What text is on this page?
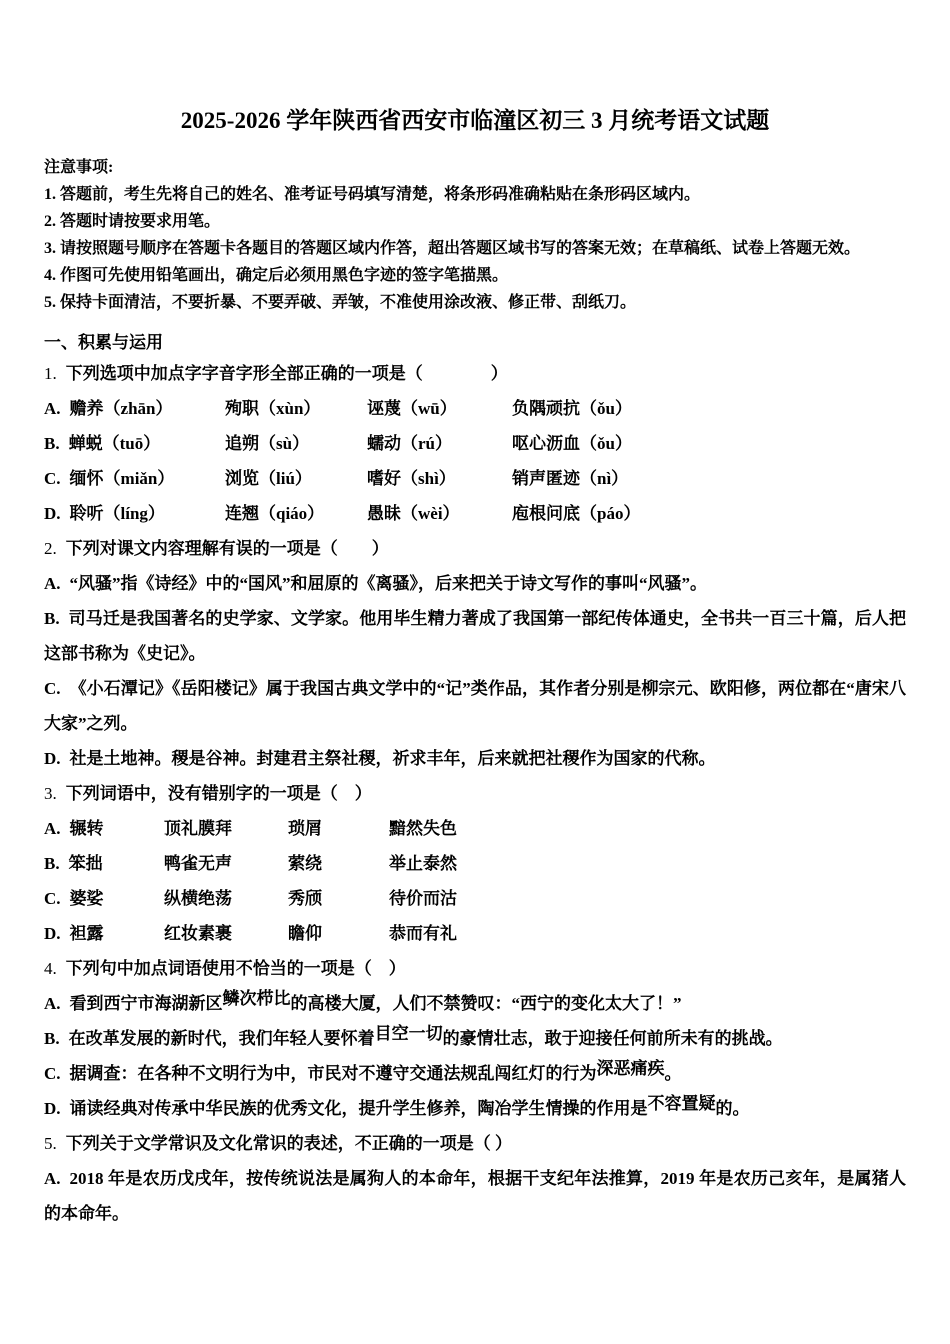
2025-2026 学年陕西省西安市临潼区初三 3 月统考语文试题

注意事项:

1. 答题前，考生先将自己的姓名、准考证号码填写清楚，将条形码准确粘贴在条形码区域内。

2. 答题时请按要求用笔。

3. 请按照题号顺序在答题卡各题目的答题区域内作答，超出答题区域书写的答案无效；在草稿纸、试卷上答题无效。

4. 作图可先使用铅笔画出，确定后必须用黑色字迹的签字笔描黑。

5. 保持卡面清洁，不要折暴、不要弄破、弄皱，不准使用涂改液、修正带、刮纸刀。

一、积累与运用

1. 下列选项中加点字字音字形全部正确的一项是（　　　　）

A. 赡养（zhān）	殉职（xùn）	诬蔑（wū）	负隅顽抗（ǒu）
B. 蝉蜕（tuō）	追朔（sù）	蠕动（rú）	呕心沥血（ǒu）
C. 缅怀（miǎn）	浏览（liú）	嗜好（shì）	销声匿迹（nì）
D. 聆听（líng）	连翘（qiáo）	愚昧（wèi）	庖根问底（páo）

2. 下列对课文内容理解有误的一项是（　　）

A. “风骚”指《诗经》中的“国风”和屈原的《离骚》，后来把关于诗文写作的事叫“风骚”。

B. 司马迁是我国著名的史学家、文学家。他用毕生精力著成了我国第一部纪传体通史，全书共一百三十篇，后人把这部书称为《史记》。

C. 《小石潭记》《岳阳楼记》属于我国古典文学中的“记”类作品，其作者分别是柳宗元、欧阳修，两位都在“唐宋八大家”之列。

D. 社是土地神。稷是谷神。封建君主祭社稷，祈求丰年，后来就把社稷作为国家的代称。

3. 下列词语中，没有错别字的一项是（　）

A. 辗转	顶礼膜拜	琐屑	黯然失色
B. 笨拙	鸭雀无声	萦绕	举止泰然
C. 婆娑	纵横绝荡	秀颀	待价而沽
D. 袒露	红妆素裹	瞻仰	恭而有礼

4. 下列句中加点词语使用不恰当的一项是（　）

A. 看到西宁市海湖新区鳞次栉比的高楼大厦，人们不禁赞叹：“西宁的变化太大了！”

B. 在改革发展的新时代，我们年轻人要怀着目空一切的豪情壮志，敢于迎接任何前所未有的挑战。

C. 据调查：在各种不文明行为中，市民对不遵守交通法规乱闯红灯的行为深恶痛疾。

D. 诵读经典对传承中华民族的优秀文化，提升学生修养，陶冶学生情操的作用是不容置疑的。

5. 下列关于文学常识及文化常识的表述，不正确的一项是（ ）

A. 2018 年是农历戊戌年，按传统说法是属狗人的本命年，根据干支纪年法推算，2019 年是农历己亥年，是属猪人的本命年。
